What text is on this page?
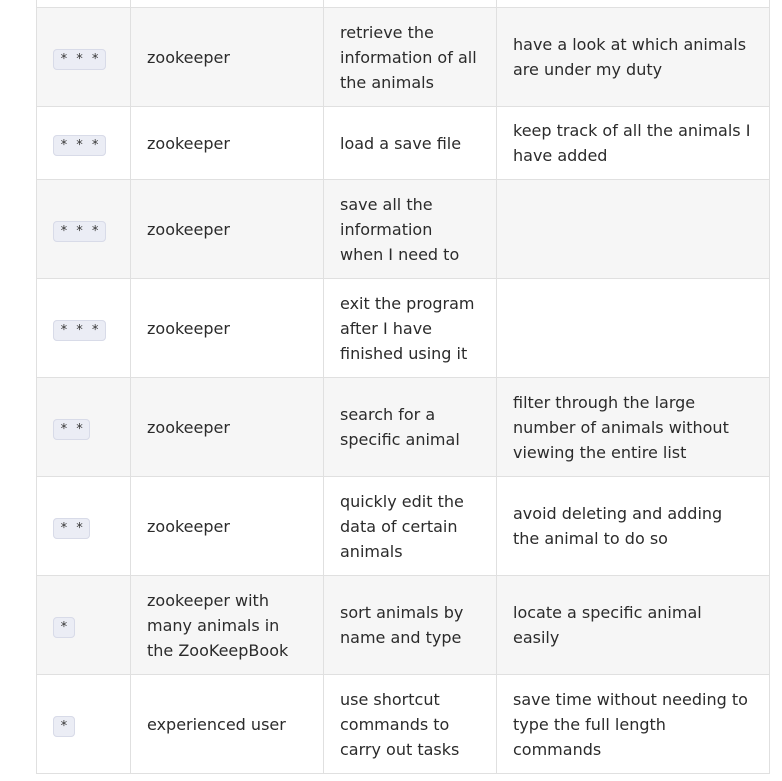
* * *	zookeeper	retrieve the information of all the animals	have a look at which animals are under my duty
* * *	zookeeper	load a save file	keep track of all the animals I have added
* * *	zookeeper	save all the information when I need to	
* * *	zookeeper	exit the program after I have finished using it	
* *	zookeeper	search for a specific animal	filter through the large number of animals without viewing the entire list
* *	zookeeper	quickly edit the data of certain animals	avoid deleting and adding the animal to do so
*	zookeeper with many animals in the ZooKeepBook	sort animals by name and type	locate a specific animal easily
*	experienced user	use shortcut commands to carry out tasks	save time without needing to type the full length commands
